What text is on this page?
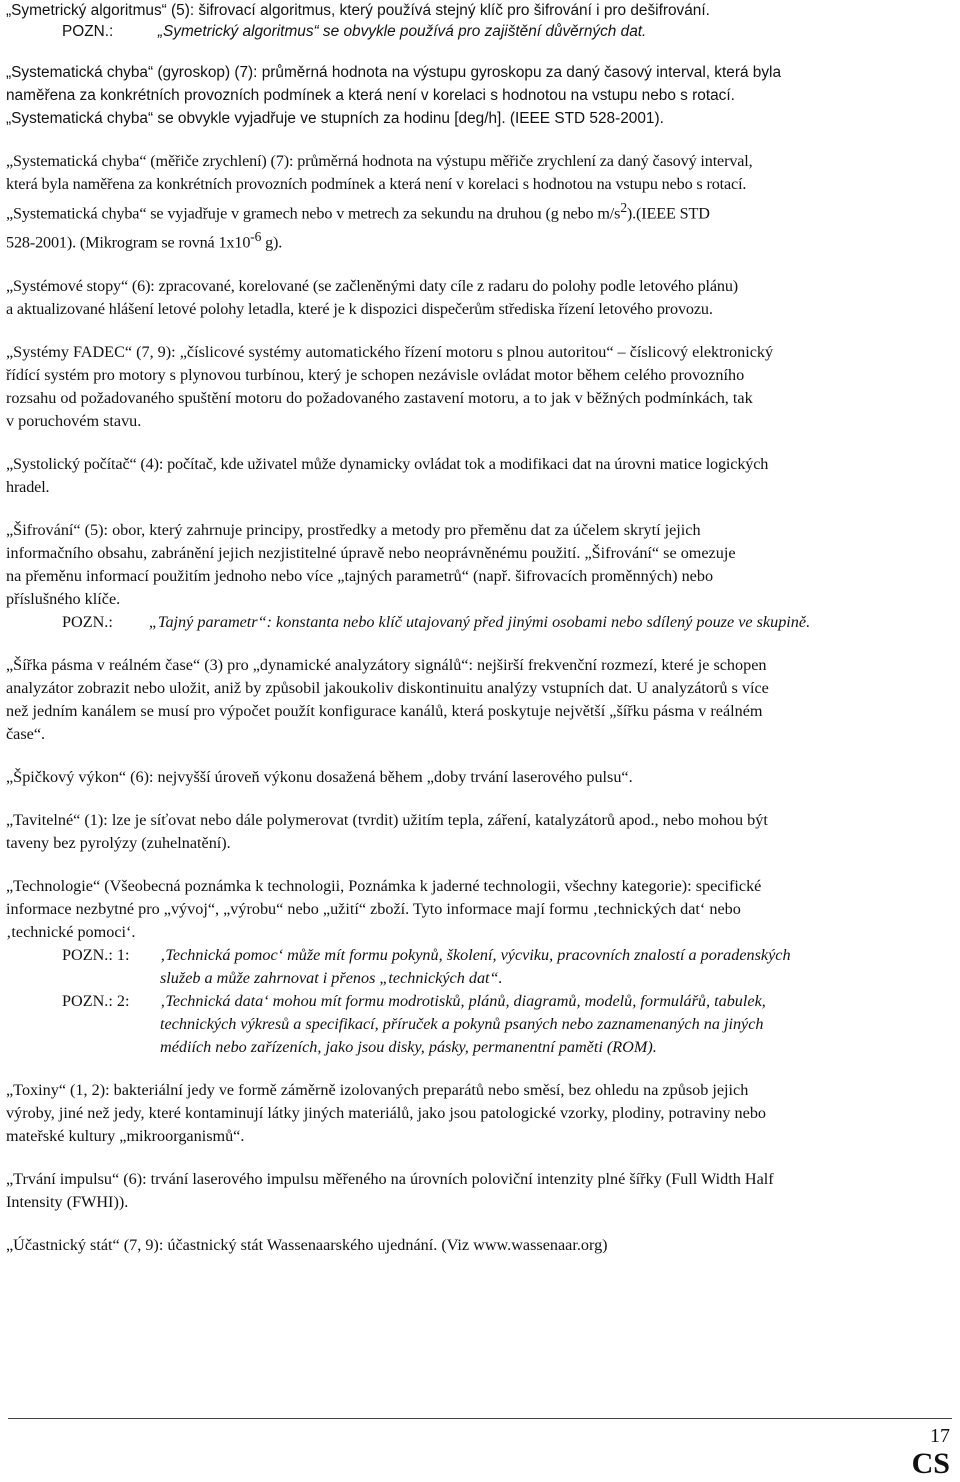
„Symetrický algoritmus“ (5): šifrovací algoritmus, který používá stejný klíč pro šifrování i pro dešifrování.

POZN.:	„Symetrický algoritmus“ se obvykle používá pro zajištění důvěrných dat.

„Systematická chyba“ (gyroskop) (7): průměrná hodnota na výstupu gyroskopu za daný časový interval, která byla

naměřena za konkrétních provozních podmínek a která není v korelaci s hodnotou na vstupu nebo s rotací.

„Systematická chyba“ se obvykle vyjadřuje ve stupních za hodinu [deg/h]. (IEEE STD 528-2001).

„Systematická chyba“ (měřiče zrychlení) (7): průměrná hodnota na výstupu měřiče zrychlení za daný časový interval,

která byla naměřena za konkrétních provozních podmínek a která není v korelaci s hodnotou na vstupu nebo s rotací.

„Systematická chyba“ se vyjadřuje v gramech nebo v metrech za sekundu na druhou (g nebo $m/s^2).(IEEE$ STD

528-2001). (Mikrogram se rovná $1x10^{-6}$ g).

„Systémové stopy“ (6): zpracované, korelované (se začleněnými daty cíle z radaru do polohy podle letového plánu)

a aktualizované hlášení letové polohy letadla, které je k dispozici dispečerům střediska řízení letového provozu.

„Systémy FADEC“ (7, 9): „číslicové systémy automatického řízení motoru s plnou autoritou“ – číslicový elektronický

řídící systém pro motory s plynovou turbínou, který je schopen nezávisle ovládat motor během celého provozního

rozsahu od požadovaného spuštění motoru do požadovaného zastavení motoru, a to jak v běžných podmínkách, tak

v poruchovém stavu.

„Systolický počítač“ (4): počítač, kde uživatel může dynamicky ovládat tok a modifikaci dat na úrovni matice logických

hradel.

„Šifrování“ (5): obor, který zahrnuje principy, prostředky a metody pro přeměnu dat za účelem skrytí jejich

informačního obsahu, zabránění jejich nezjistitelné úpravě nebo neoprávněnému použití. „Šifrování“ se omezuje

na přeměnu informací použitím jednoho nebo více „tajných parametrů“ (např. šifrovacích proměnných) nebo

příslušného klíče.

POZN.: „Tajný parametr“: konstanta nebo klíč utajovaný před jinými osobami nebo sdílený pouze ve skupině.

„Šířka pásma v reálném čase“ (3) pro „dynamické analyzátory signálů“: nejširší frekvenční rozmezí, které je schopen

analyzátor zobrazit nebo uložit, aniž by způsobil jakoukoliv diskontinuitu analýzy vstupních dat. U analyzátorů s více

než jedním kanálem se musí pro výpočet použít konfigurace kanálů, která poskytuje největší „šířku pásma v reálném

čase“.

„Špičkový výkon“ (6): nejvyšší úroveň výkonu dosažená během „doby trvání laserového pulsu“.

„Tavitelné“ (1): lze je síťovat nebo dále polymerovat (tvrdit) užitím tepla, záření, katalyzátorů apod., nebo mohou být

taveny bez pyrolýzy (zuhelnatění).

„Technologie“ (Všeobecná poznámka k technologii, Poznámka k jaderné technologii, všechny kategorie): specifické

informace nezbytné pro „vývoj“, „výrobu“ nebo „užití“ zboží. Tyto informace mají formu ‚technických dat‘ nebo

‚technické pomoci‘.

POZN.: 1:	‚Technická pomoc‘ může mít formu pokynů, školení, výcviku, pracovních znalostí a poradenských

služeb a může zahrnovat i přenos „technických dat“.

POZN.: 2:	‚Technická data‘ mohou mít formu modrotisků, plánů, diagramů, modelů, formulářů, tabulek,

technických výkresů a specifikací, příruček a pokynů psaných nebo zaznamenaných na jiných

médiích nebo zařízeních, jako jsou disky, pásky, permanentní paměti (ROM).

„Toxiny“ (1, 2): bakteriální jedy ve formě záměrně izolovaných preparátů nebo směsí, bez ohledu na způsob jejich

výroby, jiné než jedy, které kontaminují látky jiných materiálů, jako jsou patologické vzorky, plodiny, potraviny nebo

mateřské kultury „mikroorganismů“.

„Trvání impulsu“ (6): trvání laserového impulsu měřeného na úrovních poloviční intenzity plné šířky (Full Width Half

Intensity (FWHI)).

„Účastnický stát“ (7, 9): účastnický stát Wassenaarského ujednání. (Viz www.wassenaar.org)

17
CS
